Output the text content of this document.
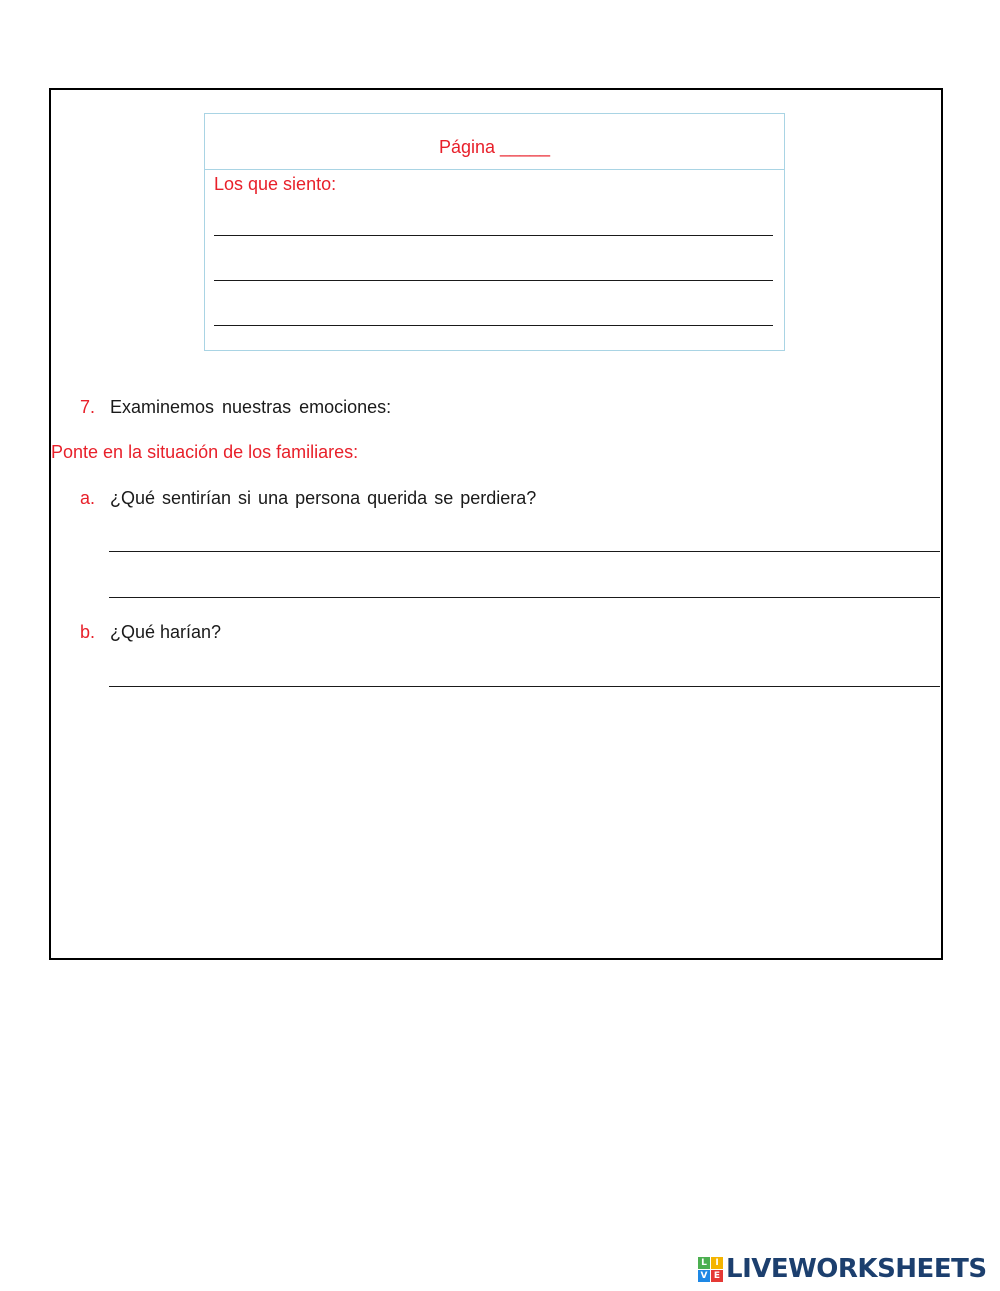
Página _____
Los que siento:
7. Examinemos nuestras emociones:
Ponte en la situación de los familiares:
a. ¿Qué sentirían si una persona querida se perdiera?
b. ¿Qué harían?
L I
V E LIVEWORKSHEETS
